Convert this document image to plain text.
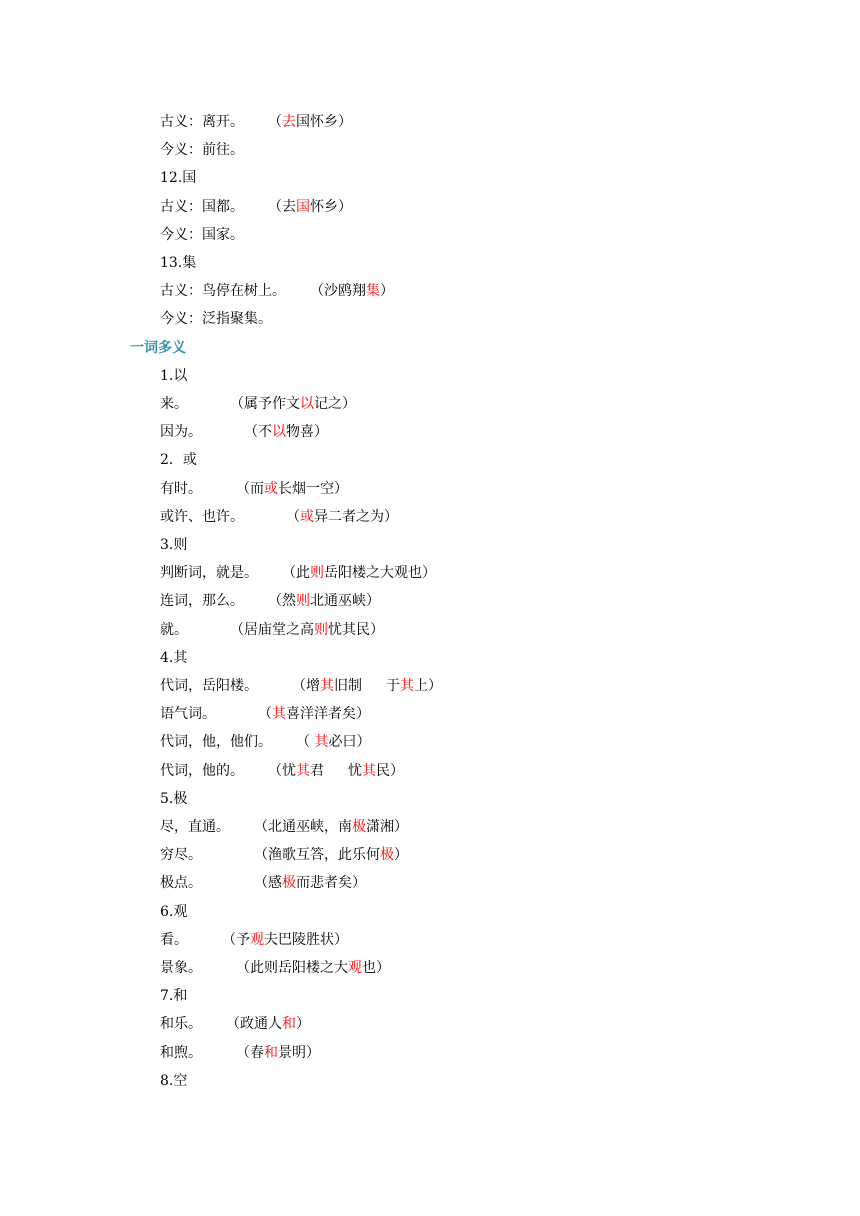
古义：离开。 （去国怀乡）
今义：前往。
12.国
古义：国都。 （去国怀乡）
今义：国家。
13.集
古义：鸟停在树上。 （沙鸥翔集）
今义：泛指聚集。
一词多义
1.以
来。	（属予作文以记之）
因为。	（不以物喜）
2．或
有时。 （而或长烟一空）
或许、也许。	（或异二者之为）
3.则
判断词，就是。 （此则岳阳楼之大观也）
连词，那么。 （然则北通巫峡）
就。	（居庙堂之高则忧其民）
4.其
代词，岳阳楼。 （增其旧制 于其上）
语气词。	（其喜洋洋者矣）
代词，他，他们。 （ 其必曰）
代词，他的。 （忧其君 忧其民）
5.极
尽，直通。 （北通巫峡，南极潇湘）
穷尽。	（渔歌互答，此乐何极）
极点。	（感极而悲者矣）
6.观
看。 （予观夫巴陵胜状）
景象。 （此则岳阳楼之大观也）
7.和
和乐。 （政通人和）
和煦。 （春和景明）
8.空
